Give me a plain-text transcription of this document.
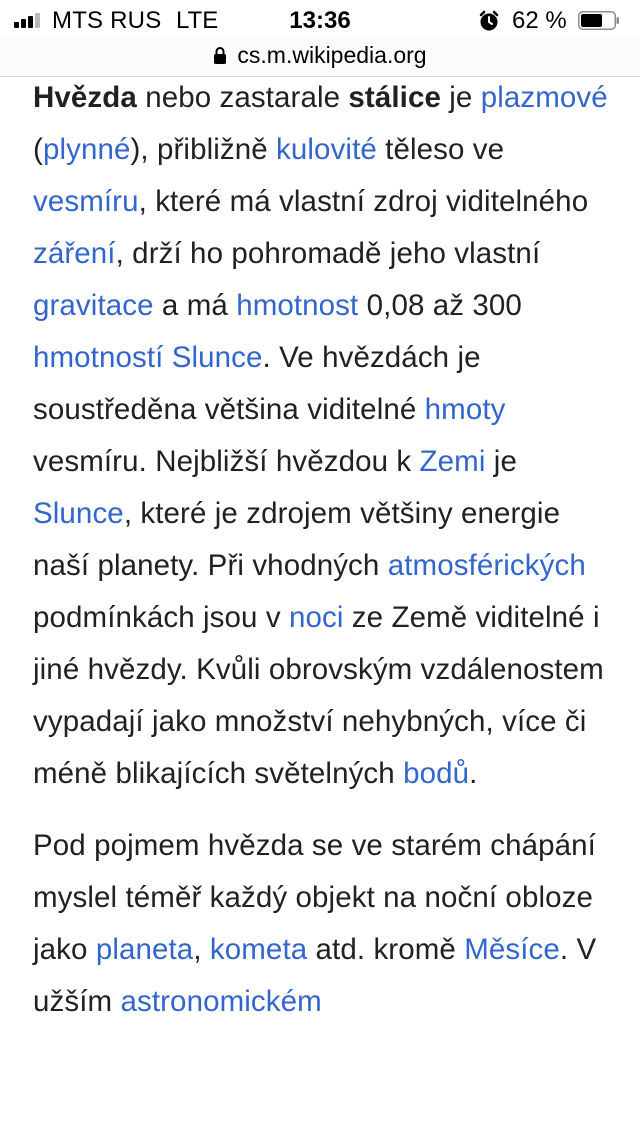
MTS RUS LTE	13:36	62 %
cs.m.wikipedia.org

Hvězda nebo zastarale stálice je plazmové (plynné), přibližně kulovité těleso ve vesmíru, které má vlastní zdroj viditelného záření, drží ho pohromadě jeho vlastní gravitace a má hmotnost 0,08 až 300 hmotností Slunce. Ve hvězdách je soustředěna většina viditelné hmoty vesmíru. Nejbližší hvězdou k Zemi je Slunce, které je zdrojem většiny energie naší planety. Při vhodných atmosférických podmínkách jsou v noci ze Země viditelné i jiné hvězdy. Kvůli obrovským vzdálenostem vypadají jako množství nehybných, více či méně blikajících světelných bodů.

Pod pojmem hvězda se ve starém chápání myslel téměř každý objekt na noční obloze jako planeta, kometa atd. kromě Měsíce. V užším astronomickém
